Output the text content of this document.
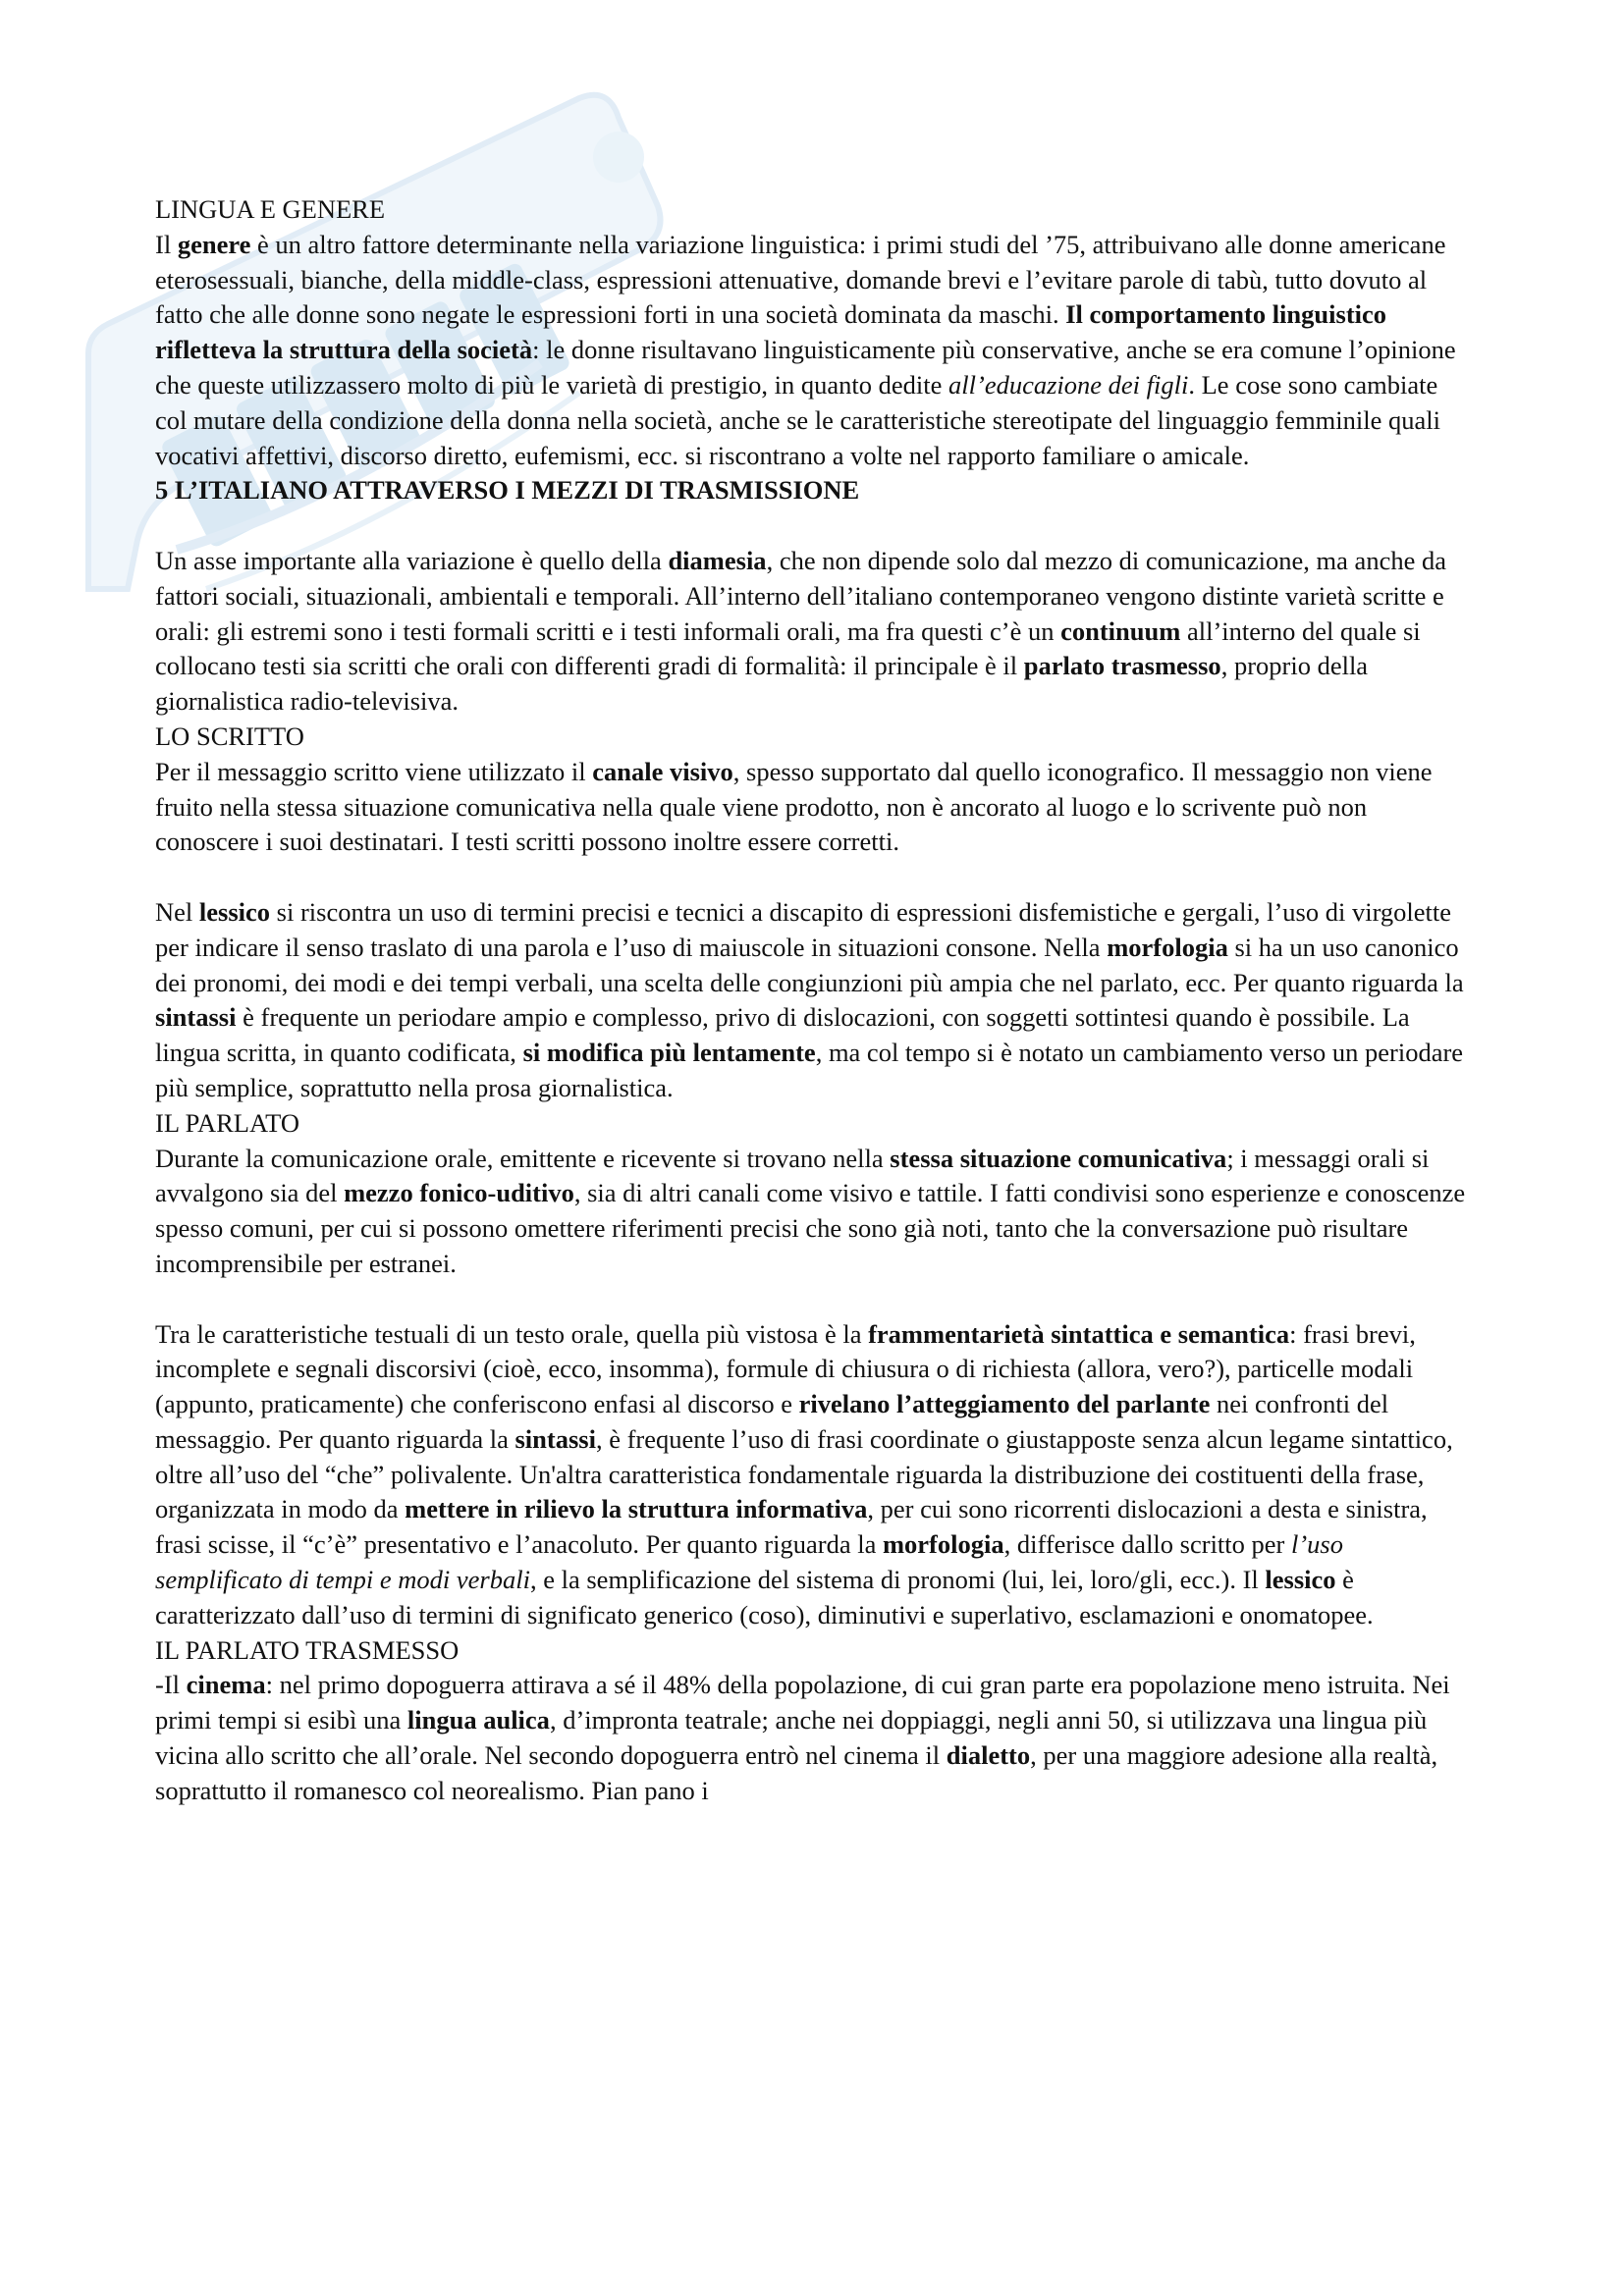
LINGUA E GENERE

Il genere è un altro fattore determinante nella variazione linguistica: i primi studi del ’75, attribuivano alle donne americane eterosessuali, bianche, della middle-class, espressioni attenuative, domande brevi e l’evitare parole di tabù, tutto dovuto al fatto che alle donne sono negate le espressioni forti in una società dominata da maschi. Il comportamento linguistico rifletteva la struttura della società: le donne risultavano linguisticamente più conservative, anche se era comune l’opinione che queste utilizzassero molto di più le varietà di prestigio, in quanto dedite all’educazione dei figli. Le cose sono cambiate col mutare della condizione della donna nella società, anche se le caratteristiche stereotipate del linguaggio femminile quali vocativi affettivi, discorso diretto, eufemismi, ecc. si riscontrano a volte nel rapporto familiare o amicale.

5 L’ITALIANO ATTRAVERSO I MEZZI DI TRASMISSIONE

Un asse importante alla variazione è quello della diamesia, che non dipende solo dal mezzo di comunicazione, ma anche da fattori sociali, situazionali, ambientali e temporali. All’interno dell’italiano contemporaneo vengono distinte varietà scritte e orali: gli estremi sono i testi formali scritti e i testi informali orali, ma fra questi c’è un continuum all’interno del quale si collocano testi sia scritti che orali con differenti gradi di formalità: il principale è il parlato trasmesso, proprio della giornalistica radio-televisiva.

LO SCRITTO

Per il messaggio scritto viene utilizzato il canale visivo, spesso supportato dal quello iconografico. Il messaggio non viene fruito nella stessa situazione comunicativa nella quale viene prodotto, non è ancorato al luogo e lo scrivente può non conoscere i suoi destinatari. I testi scritti possono inoltre essere corretti.

Nel lessico si riscontra un uso di termini precisi e tecnici a discapito di espressioni disfemistiche e gergali, l’uso di virgolette per indicare il senso traslato di una parola e l’uso di maiuscole in situazioni consone. Nella morfologia si ha un uso canonico dei pronomi, dei modi e dei tempi verbali, una scelta delle congiunzioni più ampia che nel parlato, ecc. Per quanto riguarda la sintassi è frequente un periodare ampio e complesso, privo di dislocazioni, con soggetti sottintesi quando è possibile. La lingua scritta, in quanto codificata, si modifica più lentamente, ma col tempo si è notato un cambiamento verso un periodare più semplice, soprattutto nella prosa giornalistica.

IL PARLATO

Durante la comunicazione orale, emittente e ricevente si trovano nella stessa situazione comunicativa; i messaggi orali si avvalgono sia del mezzo fonico-uditivo, sia di altri canali come visivo e tattile. I fatti condivisi sono esperienze e conoscenze spesso comuni, per cui si possono omettere riferimenti precisi che sono già noti, tanto che la conversazione può risultare incomprensibile per estranei.

Tra le caratteristiche testuali di un testo orale, quella più vistosa è la frammentarietà sintattica e semantica: frasi brevi, incomplete e segnali discorsivi (cioè, ecco, insomma), formule di chiusura o di richiesta (allora, vero?), particelle modali (appunto, praticamente) che conferiscono enfasi al discorso e rivelano l’atteggiamento del parlante nei confronti del messaggio. Per quanto riguarda la sintassi, è frequente l’uso di frasi coordinate o giustapposte senza alcun legame sintattico, oltre all’uso del “che” polivalente. Un'altra caratteristica fondamentale riguarda la distribuzione dei costituenti della frase, organizzata in modo da mettere in rilievo la struttura informativa, per cui sono ricorrenti dislocazioni a desta e sinistra, frasi scisse, il “c’è” presentativo e l’anacoluto. Per quanto riguarda la morfologia, differisce dallo scritto per l’uso semplificato di tempi e modi verbali, e la semplificazione del sistema di pronomi (lui, lei, loro/gli, ecc.). Il lessico è caratterizzato dall’uso di termini di significato generico (coso), diminutivi e superlativo, esclamazioni e onomatopee.

IL PARLATO TRASMESSO

-Il cinema: nel primo dopoguerra attirava a sé il 48% della popolazione, di cui gran parte era popolazione meno istruita. Nei primi tempi si esibì una lingua aulica, d’impronta teatrale; anche nei doppiaggi, negli anni 50, si utilizzava una lingua più vicina allo scritto che all’orale. Nel secondo dopoguerra entrò nel cinema il dialetto, per una maggiore adesione alla realtà, soprattutto il romanesco col neorealismo. Pian pano i
